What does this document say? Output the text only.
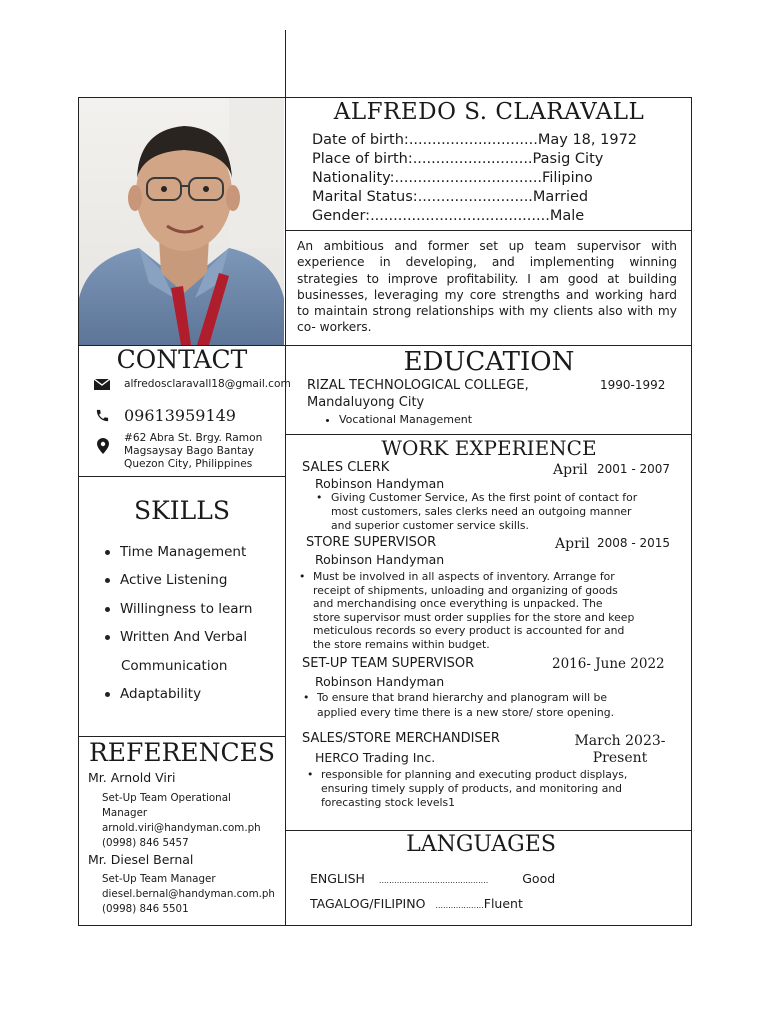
ALFREDO S. CLARAVALL
Date of birth:............................May 18, 1972
Place of birth:..........................Pasig City
Nationality:................................Filipino
Marital Status:.........................Married
Gender:.......................................Male
An ambitious and former set up team supervisor with experience in developing, and implementing winning strategies to improve profitability. I am good at building businesses, leveraging my core strengths and working hard to maintain strong relationships with my clients also with my co- workers.
CONTACT
alfredosclaravall18@gmail.com
09613959149
#62 Abra St. Brgy. Ramon
Magsaysay Bago Bantay
Quezon City, Philippines
SKILLS
Time Management
Active Listening
Willingness to learn
Written And Verbal
Communication
Adaptability
REFERENCES
Mr. Arnold Viri
Set-Up Team Operational
Manager
arnold.viri@handyman.com.ph
(0998) 846 5457
Mr. Diesel Bernal
Set-Up Team Manager
diesel.bernal@handyman.com.ph
(0998) 846 5501
EDUCATION
RIZAL TECHNOLOGICAL COLLEGE,
Mandaluyong City
1990-1992
• Vocational Management
WORK EXPERIENCE
SALES CLERK	April 2001 - 2007
Robinson Handyman
• Giving Customer Service, As the first point of contact for
most customers, sales clerks need an outgoing manner
and superior customer service skills.
STORE SUPERVISOR	April 2008 - 2015
Robinson Handyman
• Must be involved in all aspects of inventory. Arrange for
receipt of shipments, unloading and organizing of goods
and merchandising once everything is unpacked. The
store supervisor must order supplies for the store and keep
meticulous records so every product is accounted for and
the store remains within budget.
SET-UP TEAM SUPERVISOR	2016- June 2022
Robinson Handyman
• To ensure that brand hierarchy and planogram will be
applied every time there is a new store/ store opening.
SALES/STORE MERCHANDISER	March 2023-
Present
HERCO Trading Inc.
• responsible for planning and executing product displays,
ensuring timely supply of products, and monitoring and
forecasting stock levels1
LANGUAGES
ENGLISH ...........................................	Good
TAGALOG/FILIPINO ...................Fluent
